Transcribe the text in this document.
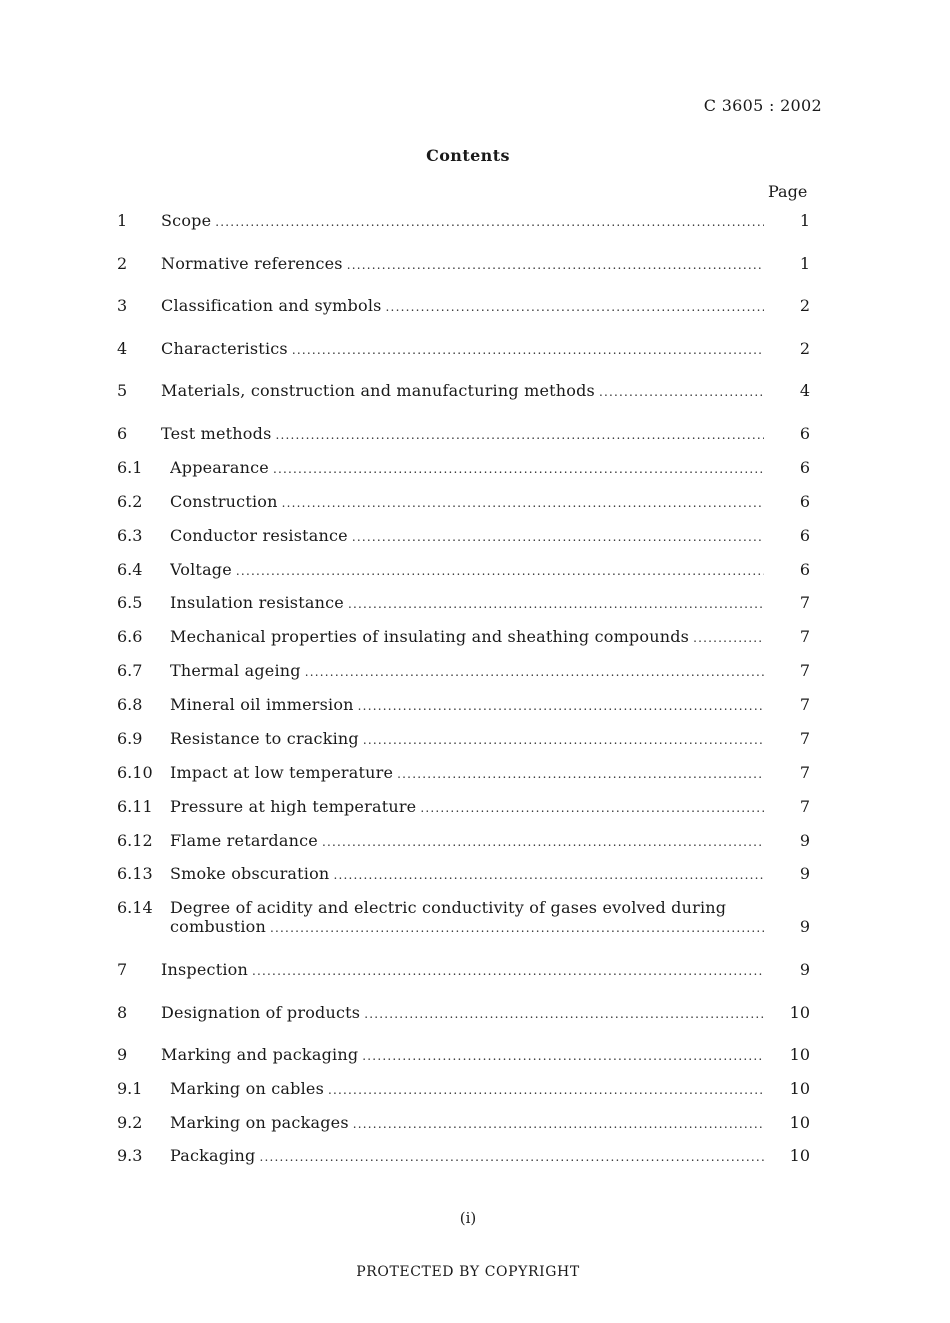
C 3605 : 2002
Contents
Page
1 Scope .....	1
2 Normative references .....	1
3 Classification and symbols .....	2
4 Characteristics .....	2
5 Materials, construction and manufacturing methods .....	4
6 Test methods .....	6
6.1 Appearance .....	6
6.2 Construction .....	6
6.3 Conductor resistance .....	6
6.4 Voltage .....	6
6.5 Insulation resistance .....	7
6.6 Mechanical properties of insulating and sheathing compounds .....	7
6.7 Thermal ageing .....	7
6.8 Mineral oil immersion .....	7
6.9 Resistance to cracking .....	7
6.10 Impact at low temperature .....	7
6.11 Pressure at high temperature .....	7
6.12 Flame retardance .....	9
6.13 Smoke obscuration .....	9
6.14 Degree of acidity and electric conductivity of gases evolved during
combustion .....	9
7 Inspection .....	9
8 Designation of products .....	10
9 Marking and packaging .....	10
9.1 Marking on cables .....	10
9.2 Marking on packages .....	10
9.3 Packaging .....	10
(i)
PROTECTED BY COPYRIGHT
